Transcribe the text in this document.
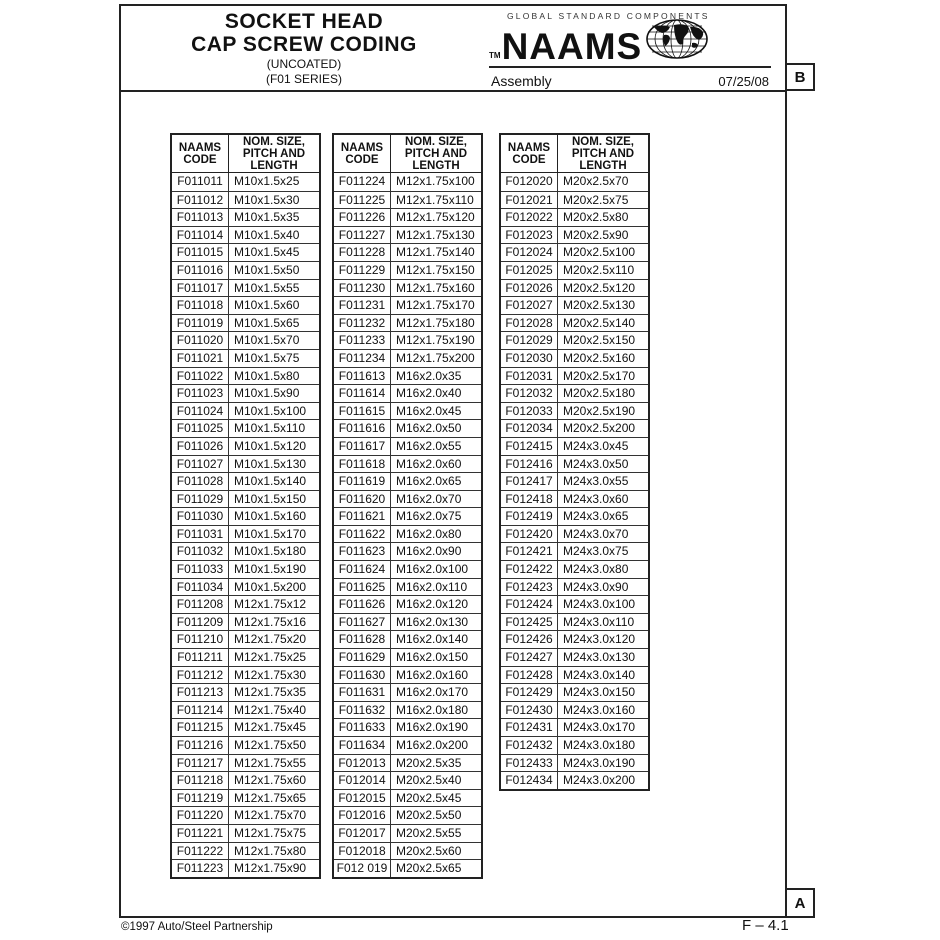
SOCKET HEAD
CAP SCREW CODING
(UNCOATED)
(F01 SERIES)
GLOBAL STANDARD COMPONENTS
TM NAAMS
Assembly	07/25/08	B
A
NAAMS CODE
NOM. SIZE, PITCH AND LENGTH
F011011 M10x1.5x25
F011012 M10x1.5x30
F011013 M10x1.5x35
F011014 M10x1.5x40
F011015 M10x1.5x45
F011016 M10x1.5x50
F011017 M10x1.5x55
F011018 M10x1.5x60
F011019 M10x1.5x65
F011020 M10x1.5x70
F011021 M10x1.5x75
F011022 M10x1.5x80
F011023 M10x1.5x90
F011024 M10x1.5x100
F011025 M10x1.5x110
F011026 M10x1.5x120
F011027 M10x1.5x130
F011028 M10x1.5x140
F011029 M10x1.5x150
F011030 M10x1.5x160
F011031 M10x1.5x170
F011032 M10x1.5x180
F011033 M10x1.5x190
F011034 M10x1.5x200
F011208 M12x1.75x12
F011209 M12x1.75x16
F011210 M12x1.75x20
F011211 M12x1.75x25
F011212 M12x1.75x30
F011213 M12x1.75x35
F011214 M12x1.75x40
F011215 M12x1.75x45
F011216 M12x1.75x50
F011217 M12x1.75x55
F011218 M12x1.75x60
F011219 M12x1.75x65
F011220 M12x1.75x70
F011221 M12x1.75x75
F011222 M12x1.75x80
F011223 M12x1.75x90
NAAMS CODE
NOM. SIZE, PITCH AND LENGTH
F011224 M12x1.75x100
F011225 M12x1.75x110
F011226 M12x1.75x120
F011227 M12x1.75x130
F011228 M12x1.75x140
F011229 M12x1.75x150
F011230 M12x1.75x160
F011231 M12x1.75x170
F011232 M12x1.75x180
F011233 M12x1.75x190
F011234 M12x1.75x200
F011613 M16x2.0x35
F011614 M16x2.0x40
F011615 M16x2.0x45
F011616 M16x2.0x50
F011617 M16x2.0x55
F011618 M16x2.0x60
F011619 M16x2.0x65
F011620 M16x2.0x70
F011621 M16x2.0x75
F011622 M16x2.0x80
F011623 M16x2.0x90
F011624 M16x2.0x100
F011625 M16x2.0x110
F011626 M16x2.0x120
F011627 M16x2.0x130
F011628 M16x2.0x140
F011629 M16x2.0x150
F011630 M16x2.0x160
F011631 M16x2.0x170
F011632 M16x2.0x180
F011633 M16x2.0x190
F011634 M16x2.0x200
F012013 M20x2.5x35
F012014 M20x2.5x40
F012015 M20x2.5x45
F012016 M20x2.5x50
F012017 M20x2.5x55
F012018 M20x2.5x60
F012 019 M20x2.5x65
NAAMS CODE
NOM. SIZE, PITCH AND LENGTH
F012020 M20x2.5x70
F012021 M20x2.5x75
F012022 M20x2.5x80
F012023 M20x2.5x90
F012024 M20x2.5x100
F012025 M20x2.5x110
F012026 M20x2.5x120
F012027 M20x2.5x130
F012028 M20x2.5x140
F012029 M20x2.5x150
F012030 M20x2.5x160
F012031 M20x2.5x170
F012032 M20x2.5x180
F012033 M20x2.5x190
F012034 M20x2.5x200
F012415 M24x3.0x45
F012416 M24x3.0x50
F012417 M24x3.0x55
F012418 M24x3.0x60
F012419 M24x3.0x65
F012420 M24x3.0x70
F012421 M24x3.0x75
F012422 M24x3.0x80
F012423 M24x3.0x90
F012424 M24x3.0x100
F012425 M24x3.0x110
F012426 M24x3.0x120
F012427 M24x3.0x130
F012428 M24x3.0x140
F012429 M24x3.0x150
F012430 M24x3.0x160
F012431 M24x3.0x170
F012432 M24x3.0x180
F012433 M24x3.0x190
F012434 M24x3.0x200
©1997 Auto/Steel Partnership	F – 4.1
